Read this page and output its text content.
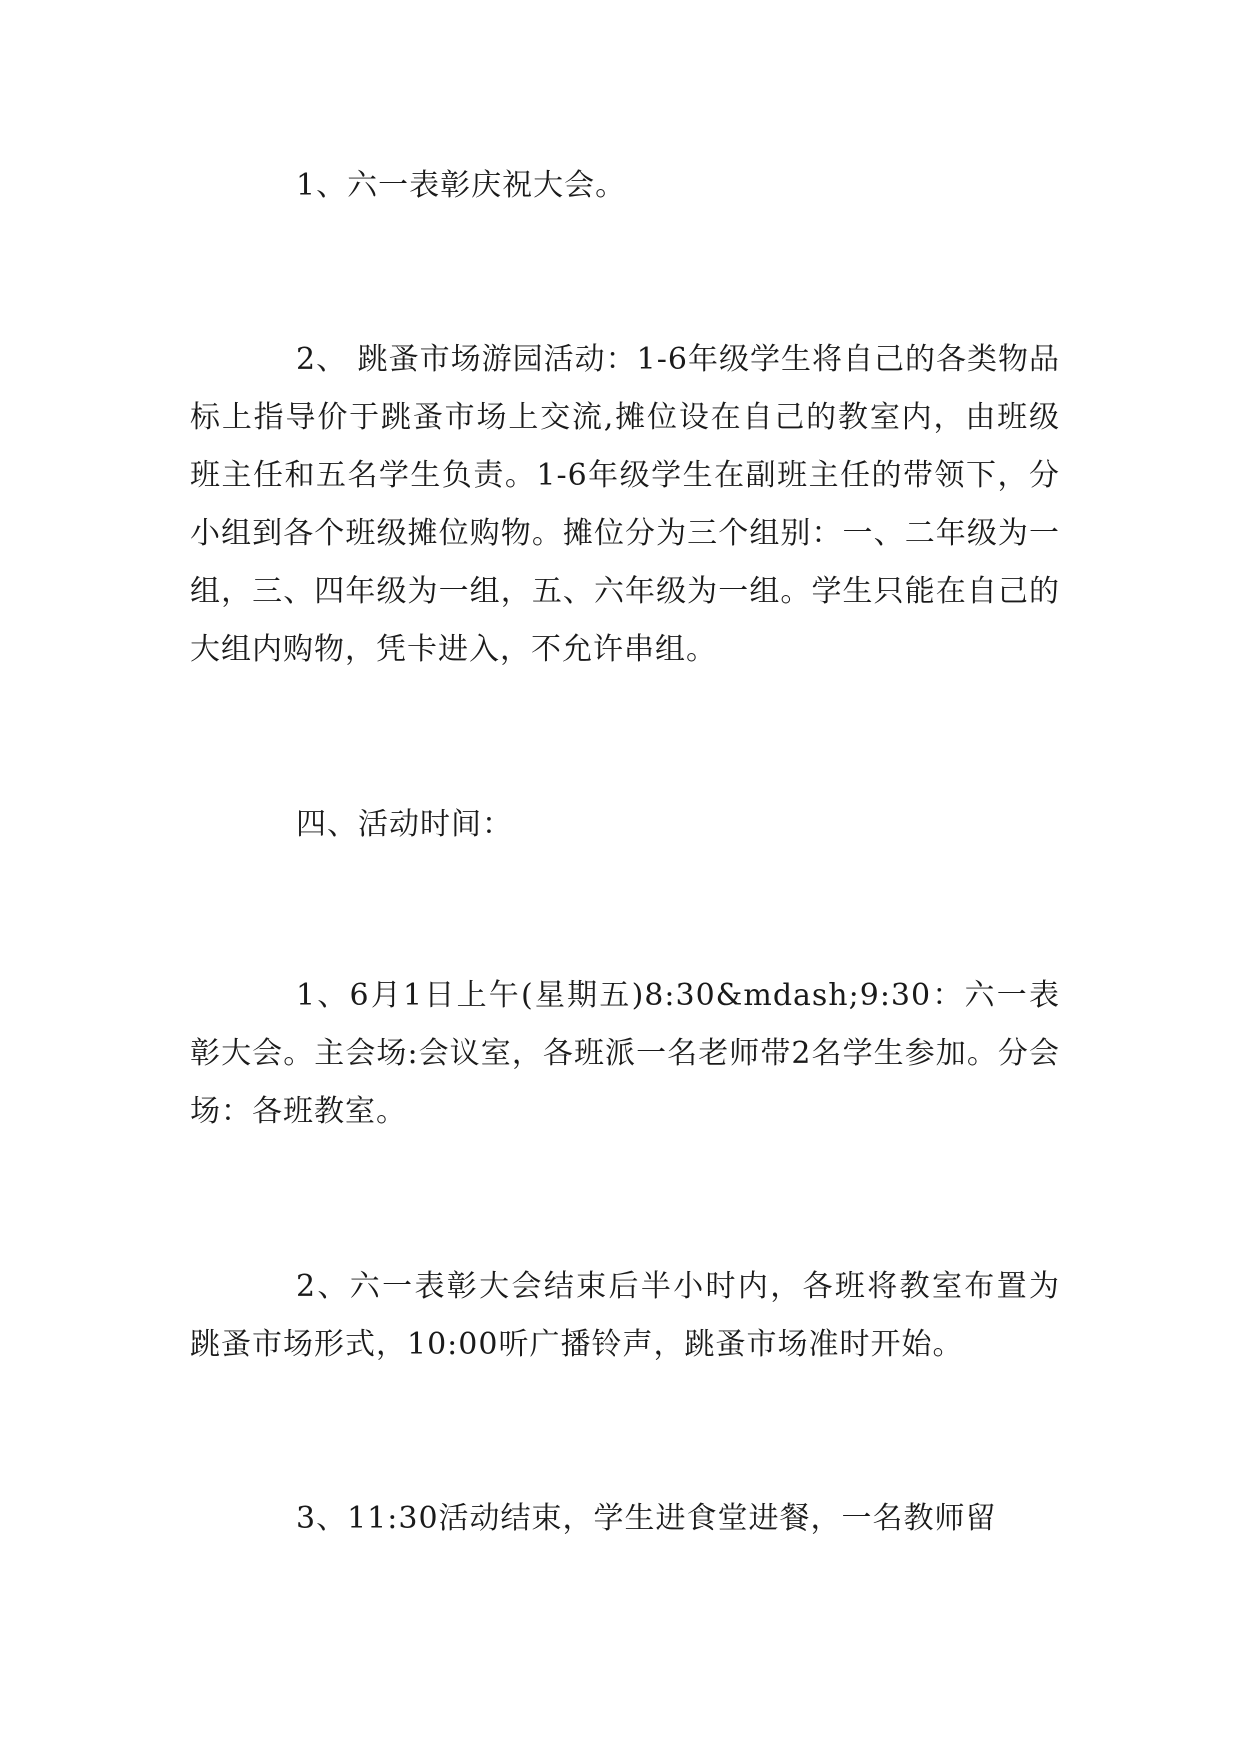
1、六一表彰庆祝大会。

2、 跳蚤市场游园活动：1-6年级学生将自己的各类物品标上指导价于跳蚤市场上交流,摊位设在自己的教室内，由班级班主任和五名学生负责。1-6年级学生在副班主任的带领下，分小组到各个班级摊位购物。摊位分为三个组别：一、二年级为一组，三、四年级为一组，五、六年级为一组。学生只能在自己的大组内购物，凭卡进入，不允许串组。

四、活动时间：

1、6月1日上午(星期五)8:30&mdash;9:30：六一表彰大会。主会场:会议室，各班派一名老师带2名学生参加。分会场：各班教室。

2、六一表彰大会结束后半小时内，各班将教室布置为跳蚤市场形式，10:00听广播铃声，跳蚤市场准时开始。

3、11:30活动结束，学生进食堂进餐，一名教师留
